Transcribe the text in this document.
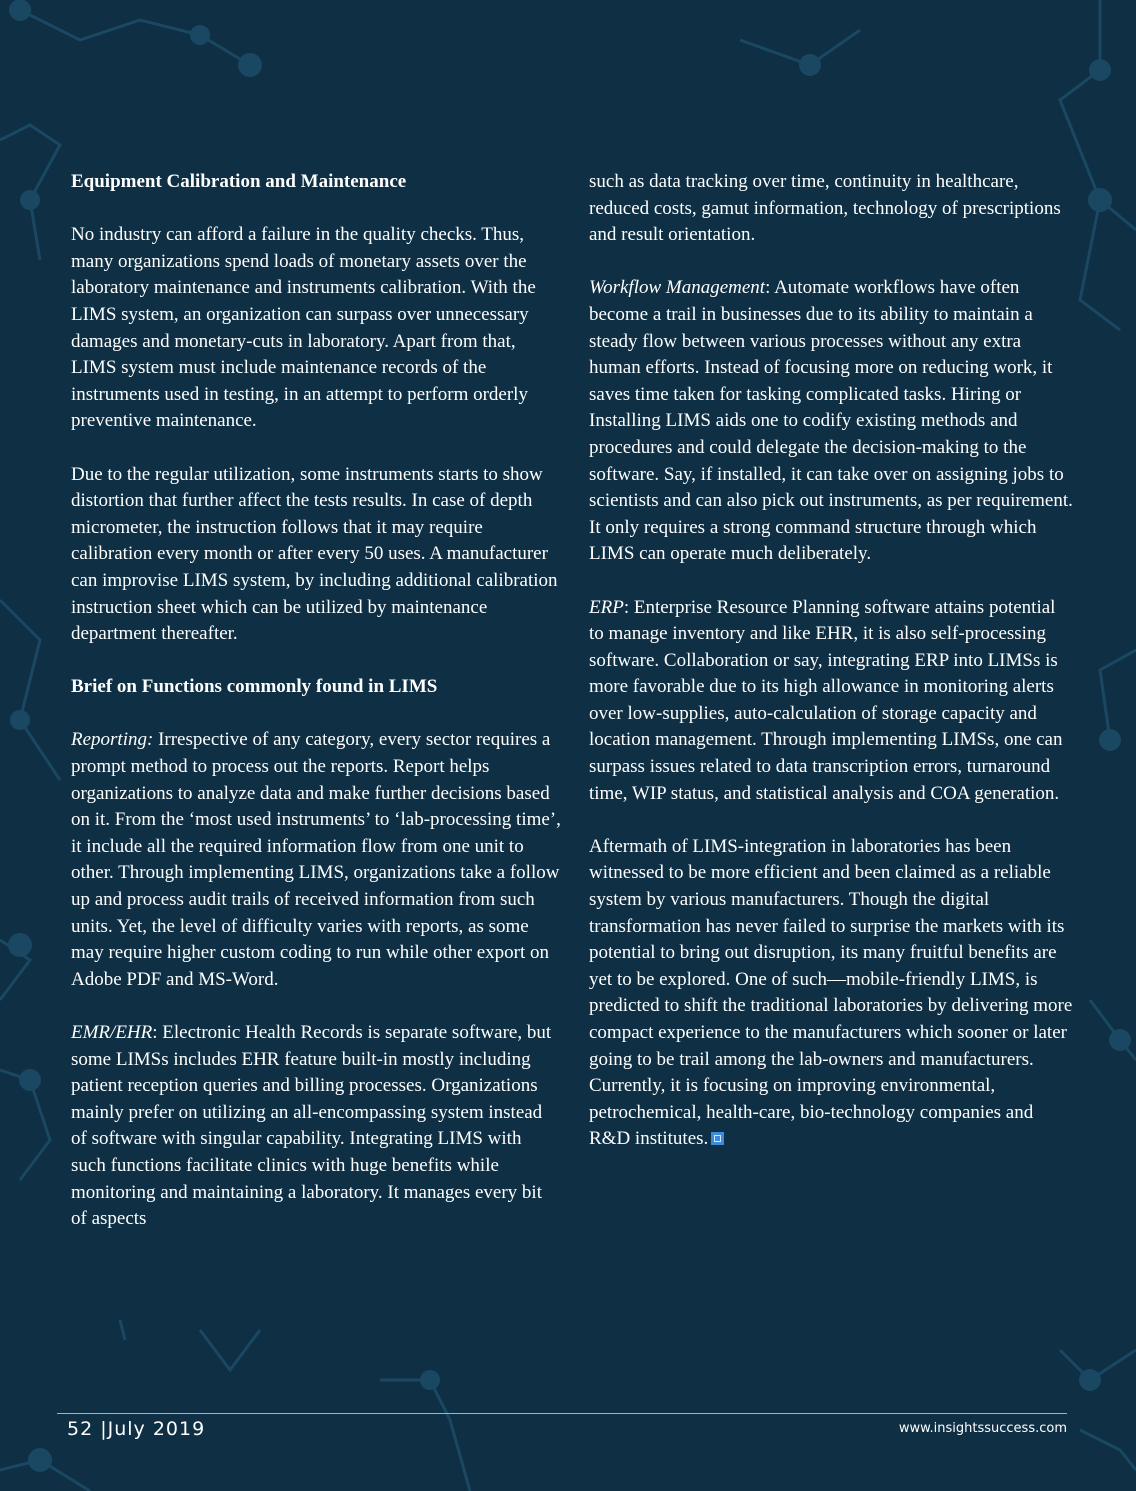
Equipment Calibration and Maintenance

No industry can afford a failure in the quality checks. Thus, many organizations spend loads of monetary assets over the laboratory maintenance and instruments calibration. With the LIMS system, an organization can surpass over unnecessary damages and monetary-cuts in laboratory. Apart from that, LIMS system must include maintenance records of the instruments used in testing, in an attempt to perform orderly preventive maintenance.

Due to the regular utilization, some instruments starts to show distortion that further affect the tests results. In case of depth micrometer, the instruction follows that it may require calibration every month or after every 50 uses. A manufacturer can improvise LIMS system, by including additional calibration instruction sheet which can be utilized by maintenance department thereafter.

Brief on Functions commonly found in LIMS

Reporting: Irrespective of any category, every sector requires a prompt method to process out the reports. Report helps organizations to analyze data and make further decisions based on it. From the ‘most used instruments’ to ‘lab-processing time’, it include all the required information flow from one unit to other. Through implementing LIMS, organizations take a follow up and process audit trails of received information from such units. Yet, the level of difficulty varies with reports, as some may require higher custom coding to run while other export on Adobe PDF and MS-Word.

EMR/EHR: Electronic Health Records is separate software, but some LIMSs includes EHR feature built-in mostly including patient reception queries and billing processes. Organizations mainly prefer on utilizing an all-encompassing system instead of software with singular capability. Integrating LIMS with such functions facilitate clinics with huge benefits while monitoring and maintaining a laboratory. It manages every bit of aspects

such as data tracking over time, continuity in healthcare, reduced costs, gamut information, technology of prescriptions and result orientation.

Workflow Management: Automate workflows have often become a trail in businesses due to its ability to maintain a steady flow between various processes without any extra human efforts. Instead of focusing more on reducing work, it saves time taken for tasking complicated tasks. Hiring or Installing LIMS aids one to codify existing methods and procedures and could delegate the decision-making to the software. Say, if installed, it can take over on assigning jobs to scientists and can also pick out instruments, as per requirement. It only requires a strong command structure through which LIMS can operate much deliberately.

ERP: Enterprise Resource Planning software attains potential to manage inventory and like EHR, it is also self-processing software. Collaboration or say, integrating ERP into LIMSs is more favorable due to its high allowance in monitoring alerts over low-supplies, auto-calculation of storage capacity and location management. Through implementing LIMSs, one can surpass issues related to data transcription errors, turnaround time, WIP status, and statistical analysis and COA generation.

Aftermath of LIMS-integration in laboratories has been witnessed to be more efficient and been claimed as a reliable system by various manufacturers. Though the digital transformation has never failed to surprise the markets with its potential to bring out disruption, its many fruitful benefits are yet to be explored. One of such—mobile-friendly LIMS, is predicted to shift the traditional laboratories by delivering more compact experience to the manufacturers which sooner or later going to be trail among the lab-owners and manufacturers. Currently, it is focusing on improving environmental, petrochemical, health-care, bio-technology companies and R&D institutes.

52 |July 2019	www.insightssuccess.com
